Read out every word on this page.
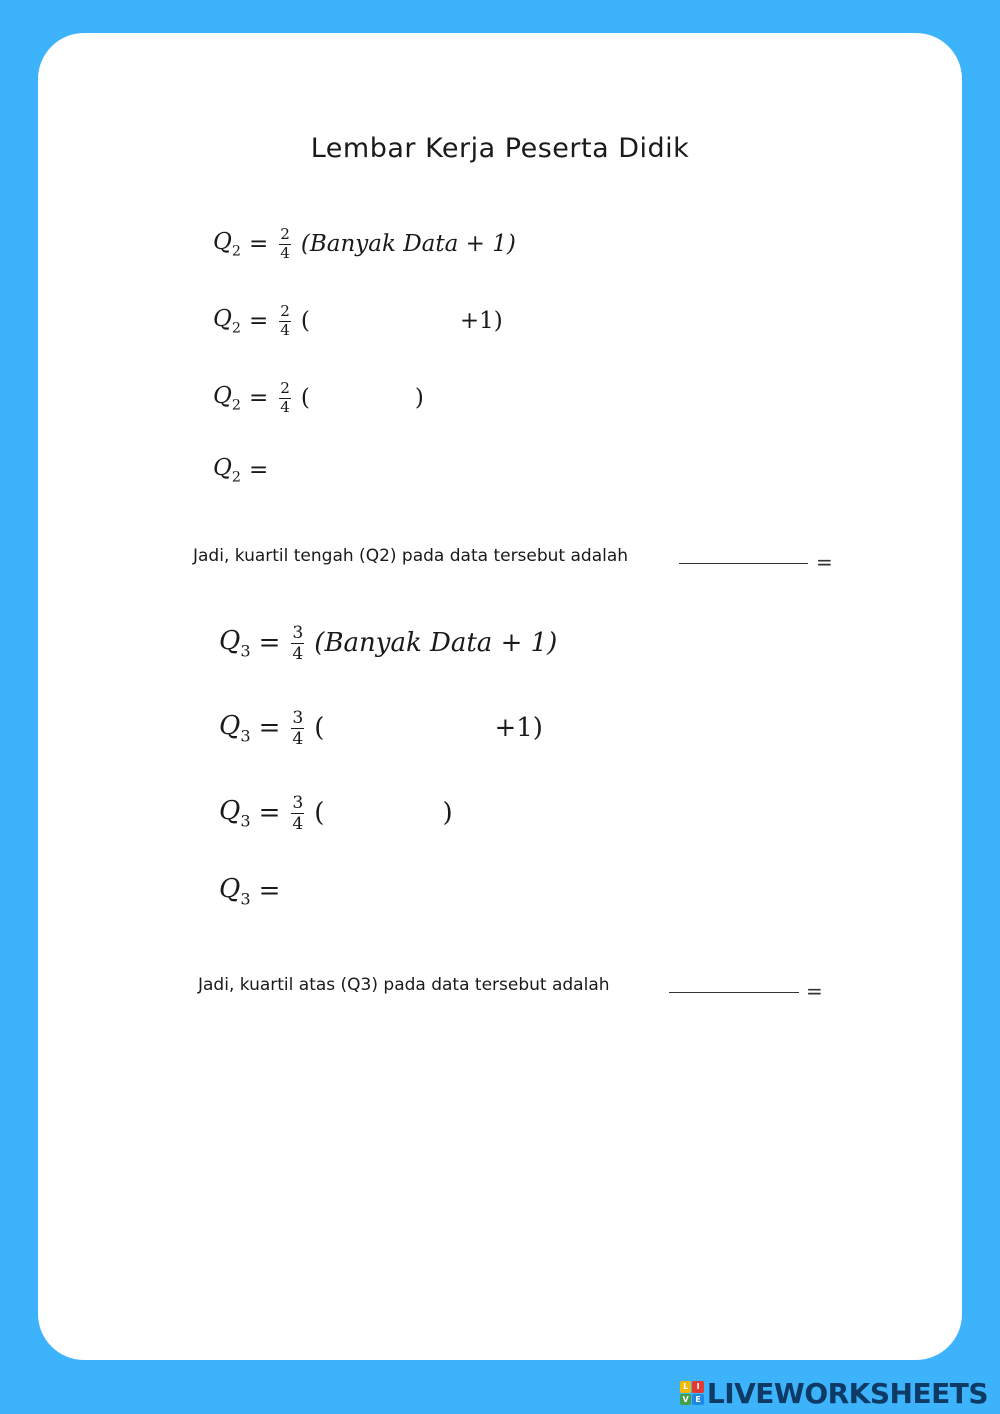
Lembar Kerja Peserta Didik
$Q_2 = \frac{2}{4}$ (Banyak Data + 1)
$Q_2 = \frac{2}{4}$ (	+1)
$Q_2 = \frac{2}{4}$ (	)
$Q_2$ =
Jadi, kuartil tengah (Q2) pada data tersebut adalah	=
$Q_3 = \frac{3}{4}$ (Banyak Data + 1)
$Q_3 = \frac{3}{4}$ (	+1)
$Q_3 = \frac{3}{4}$ (	)
$Q_3$ =
Jadi, kuartil atas (Q3) pada data tersebut adalah	=
L	I
V E LIVEWORKSHEETS
